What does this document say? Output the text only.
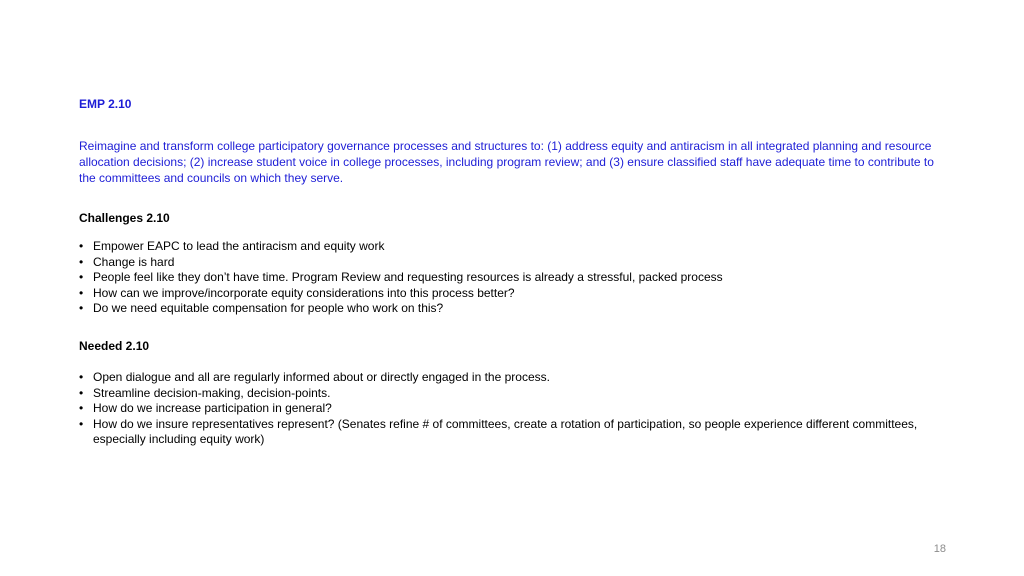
EMP 2.10

Reimagine and transform college participatory governance processes and structures to: (1) address equity and antiracism in all integrated planning and resource allocation decisions; (2) increase student voice in college processes, including program review; and (3) ensure classified staff have adequate time to contribute to the committees and councils on which they serve.

Challenges 2.10

• Empower EAPC to lead the antiracism and equity work
• Change is hard
• People feel like they don’t have time. Program Review and requesting resources is already a stressful, packed process
• How can we improve/incorporate equity considerations into this process better?
• Do we need equitable compensation for people who work on this?

Needed 2.10

• Open dialogue and all are regularly informed about or directly engaged in the process.
• Streamline decision-making, decision-points.
• How do we increase participation in general?
• How do we insure representatives represent? (Senates refine # of committees, create a rotation of participation, so people experience different committees, especially including equity work)
18
